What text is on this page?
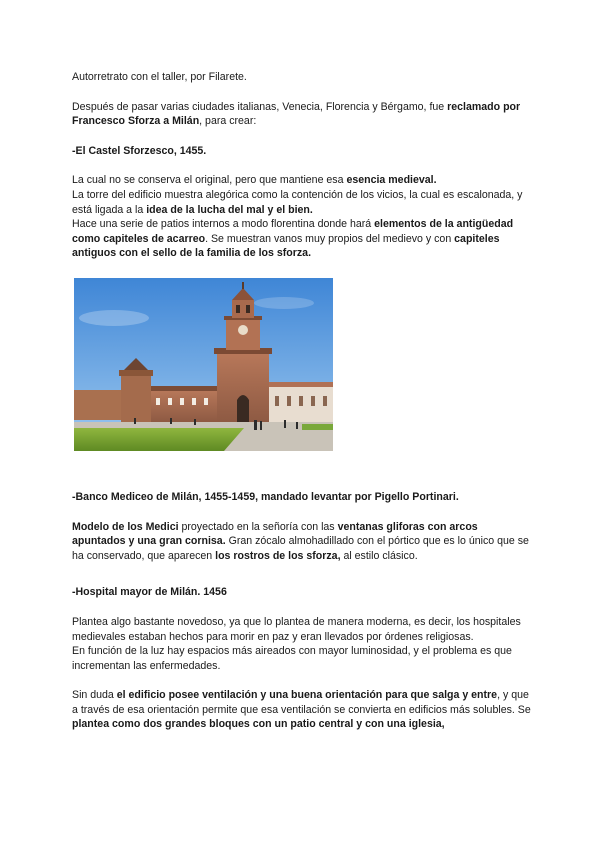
Autorretrato con el taller, por Filarete.

Después de pasar varias ciudades italianas, Venecia, Florencia y Bérgamo, fue reclamado por Francesco Sforza a Milán, para crear:

-El Castel Sforzesco, 1455.

La cual no se conserva el original, pero que mantiene esa esencia medieval.
La torre del edificio muestra alegórica como la contención de los vicios, la cual es escalonada, y está ligada a la idea de la lucha del mal y el bien.
Hace una serie de patios internos a modo florentina donde hará elementos de la antigüedad como capiteles de acarreo. Se muestran vanos muy propios del medievo y con capiteles antiguos con el sello de la familia de los sforza.

-Banco Mediceo de Milán, 1455-1459, mandado levantar por Pigello Portinari.

Modelo de los Medici proyectado en la señoría con las ventanas gliforas con arcos apuntados y una gran cornisa. Gran zócalo almohadillado con el pórtico que es lo único que se ha conservado, que aparecen los rostros de los sforza, al estilo clásico.

-Hospital mayor de Milán. 1456

Plantea algo bastante novedoso, ya que lo plantea de manera moderna, es decir, los hospitales medievales estaban hechos para morir en paz y eran llevados por órdenes religiosas.

En función de la luz hay espacios más aireados con mayor luminosidad, y el problema es que incrementan las enfermedades.

Sin duda el edificio posee ventilación y una buena orientación para que salga y entre, y que a través de esa orientación permite que esa ventilación se convierta en edificios más solubles. Se plantea como dos grandes bloques con un patio central y con una iglesia,
